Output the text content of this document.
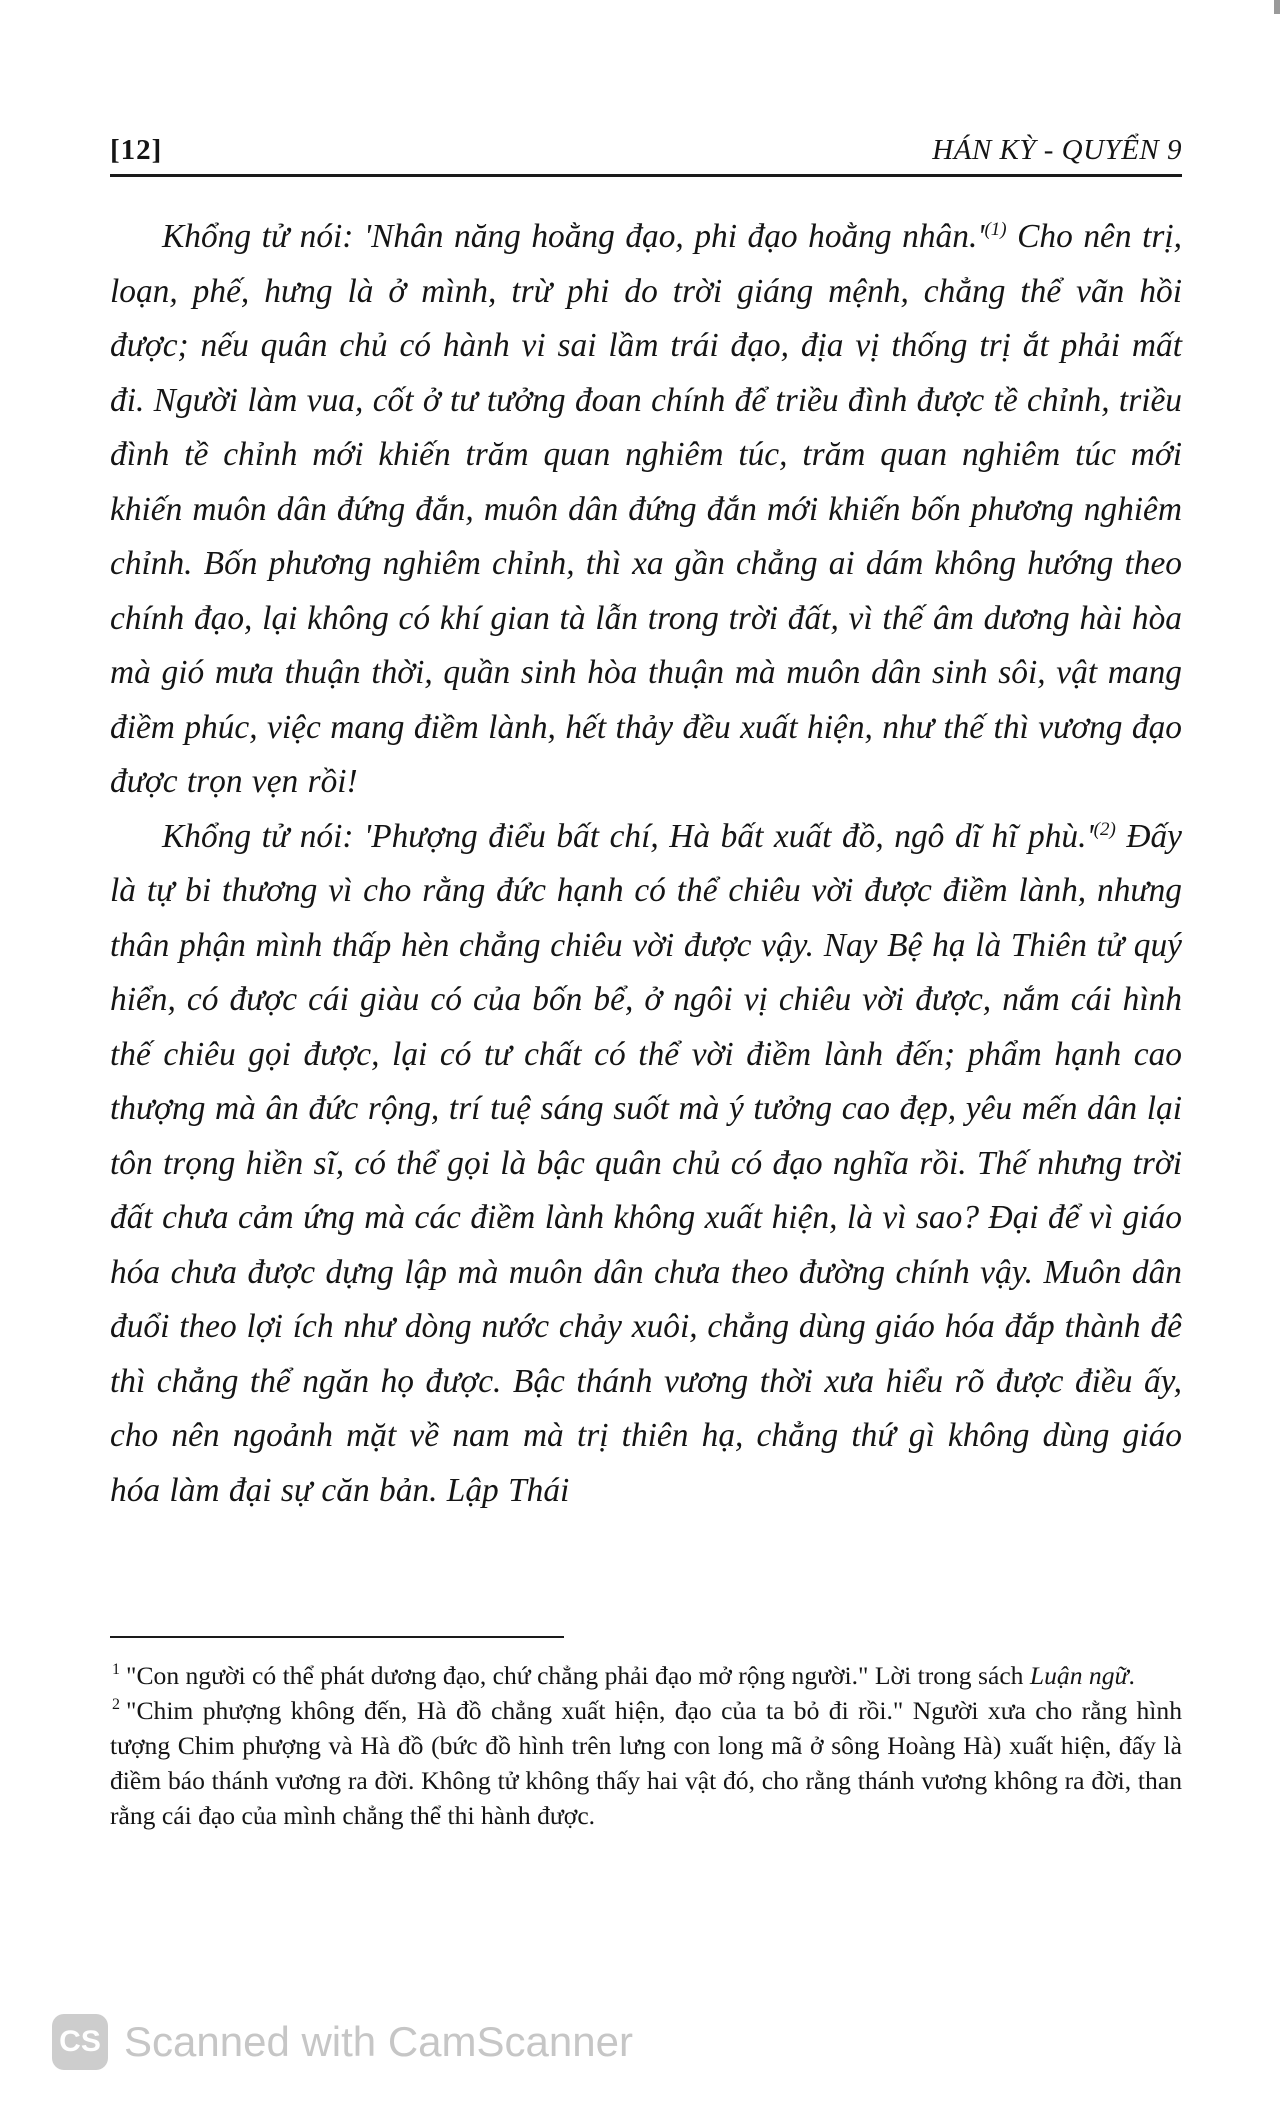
[12]	HÁN KỲ - QUYỂN 9

Khổng tử nói: 'Nhân năng hoằng đạo, phi đạo hoằng nhân.'$^{(1)}$ Cho nên trị, loạn, phế, hưng là ở mình, trừ phi do trời giáng mệnh, chẳng thể vãn hồi được; nếu quân chủ có hành vi sai lầm trái đạo, địa vị thống trị ắt phải mất đi. Người làm vua, cốt ở tư tưởng đoan chính để triều đình được tề chỉnh, triều đình tề chỉnh mới khiến trăm quan nghiêm túc, trăm quan nghiêm túc mới khiến muôn dân đứng đắn, muôn dân đứng đắn mới khiến bốn phương nghiêm chỉnh. Bốn phương nghiêm chỉnh, thì xa gần chẳng ai dám không hướng theo chính đạo, lại không có khí gian tà lẫn trong trời đất, vì thế âm dương hài hòa mà gió mưa thuận thời, quần sinh hòa thuận mà muôn dân sinh sôi, vật mang điềm phúc, việc mang điềm lành, hết thảy đều xuất hiện, như thế thì vương đạo được trọn vẹn rồi!

Khổng tử nói: 'Phượng điểu bất chí, Hà bất xuất đồ, ngô dĩ hĩ phù.'$^{(2)}$ Đấy là tự bi thương vì cho rằng đức hạnh có thể chiêu vời được điềm lành, nhưng thân phận mình thấp hèn chẳng chiêu vời được vậy. Nay Bệ hạ là Thiên tử quý hiển, có được cái giàu có của bốn bể, ở ngôi vị chiêu vời được, nắm cái hình thế chiêu gọi được, lại có tư chất có thể vời điềm lành đến; phẩm hạnh cao thượng mà ân đức rộng, trí tuệ sáng suốt mà ý tưởng cao đẹp, yêu mến dân lại tôn trọng hiền sĩ, có thể gọi là bậc quân chủ có đạo nghĩa rồi. Thế nhưng trời đất chưa cảm ứng mà các điềm lành không xuất hiện, là vì sao? Đại để vì giáo hóa chưa được dựng lập mà muôn dân chưa theo đường chính vậy. Muôn dân đuổi theo lợi ích như dòng nước chảy xuôi, chẳng dùng giáo hóa đắp thành đê thì chẳng thể ngăn họ được. Bậc thánh vương thời xưa hiểu rõ được điều ấy, cho nên ngoảnh mặt về nam mà trị thiên hạ, chẳng thứ gì không dùng giáo hóa làm đại sự căn bản. Lập Thái

$^1$ "Con người có thể phát dương đạo, chứ chẳng phải đạo mở rộng người." Lời trong sách Luận ngữ.

$^2$ "Chim phượng không đến, Hà đồ chẳng xuất hiện, đạo của ta bỏ đi rồi." Người xưa cho rằng hình tượng Chim phượng và Hà đồ (bức đồ hình trên lưng con long mã ở sông Hoàng Hà) xuất hiện, đấy là điềm báo thánh vương ra đời. Không tử không thấy hai vật đó, cho rằng thánh vương không ra đời, than rằng cái đạo của mình chẳng thể thi hành được.

CS Scanned with CamScanner
